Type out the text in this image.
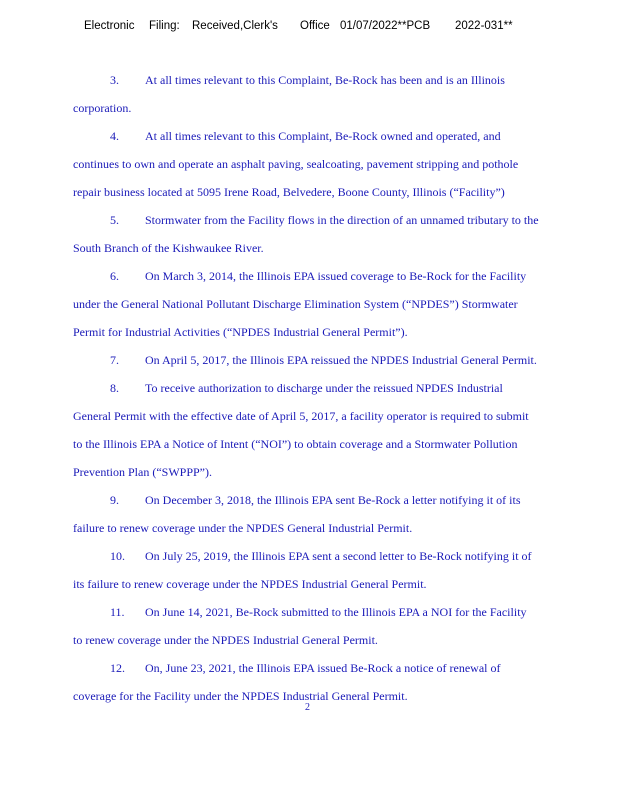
Electronic Filing: Received,Clerk's Office 01/07/2022**PCB 2022-031**
3. At all times relevant to this Complaint, Be-Rock has been and is an Illinois
corporation.
4. At all times relevant to this Complaint, Be-Rock owned and operated, and
continues to own and operate an asphalt paving, sealcoating, pavement stripping and pothole
repair business located at 5095 Irene Road, Belvedere, Boone County, Illinois (“Facility”)
5. Stormwater from the Facility flows in the direction of an unnamed tributary to the
South Branch of the Kishwaukee River.
6. On March 3, 2014, the Illinois EPA issued coverage to Be-Rock for the Facility
under the General National Pollutant Discharge Elimination System (“NPDES”) Stormwater
Permit for Industrial Activities (“NPDES Industrial General Permit”).
7. On April 5, 2017, the Illinois EPA reissued the NPDES Industrial General Permit.
8. To receive authorization to discharge under the reissued NPDES Industrial
General Permit with the effective date of April 5, 2017, a facility operator is required to submit
to the Illinois EPA a Notice of Intent (“NOI”) to obtain coverage and a Stormwater Pollution
Prevention Plan (“SWPPP”).
9. On December 3, 2018, the Illinois EPA sent Be-Rock a letter notifying it of its
failure to renew coverage under the NPDES General Industrial Permit.
10. On July 25, 2019, the Illinois EPA sent a second letter to Be-Rock notifying it of
its failure to renew coverage under the NPDES Industrial General Permit.
11. On June 14, 2021, Be-Rock submitted to the Illinois EPA a NOI for the Facility
to renew coverage under the NPDES Industrial General Permit.
12. On, June 23, 2021, the Illinois EPA issued Be-Rock a notice of renewal of
coverage for the Facility under the NPDES Industrial General Permit.
2
